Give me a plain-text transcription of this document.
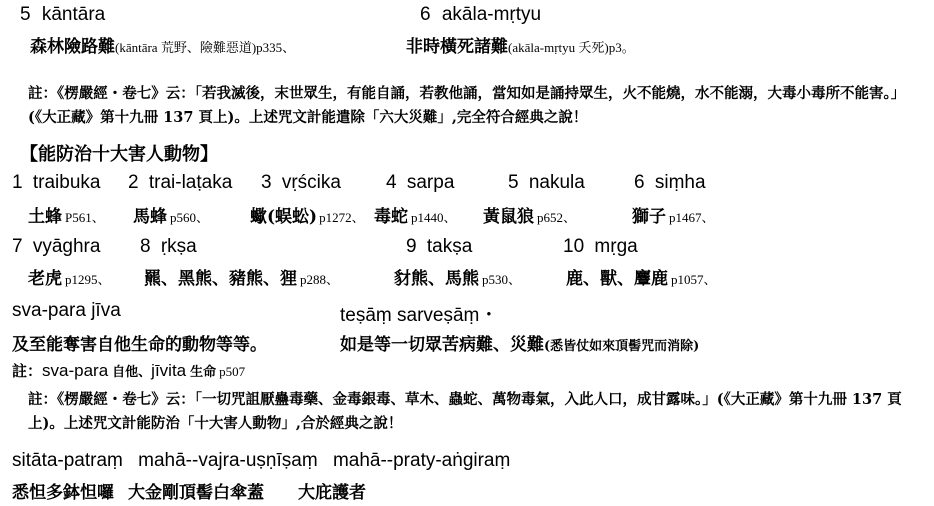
5 kāntāra	6 akāla-mṛtyu
森林險路難(kāntāra 荒野、險難惡道)p335、	非時橫死諸難(akāla-mṛtyu 夭死)p3。
註：《楞嚴經・卷七》云：「若我滅後，末世眾生，有能自誦，若教他誦，當知如是誦持眾生，火不能燒，水不能溺，大毒小毒所不能害。」(《大正藏》第十九冊 137 頁上)。上述咒文計能遣除「六大災難」,完全符合經典之說！
【能防治十大害人動物】
1 traibuka 2 trai-laṭaka 3 vṛścika 4 sarpa	5 nakula	6 siṃha
土蜂 P561、 馬蜂 p560、 蠍(蜈蚣) p1272、 毒蛇 p1440、 黃鼠狼 p652、	獅子 p1467、
7 vyāghra 8 ṛkṣa	9 takṣa	10 mṛga
老虎 p1295、 羆、黑熊、豬熊、狸 p288、	豺熊、馬熊 p530、	鹿、獸、麞鹿 p1057、
sva-para jīva	teṣāṃ sarveṣāṃ・
及至能奪害自他生命的動物等等。	如是等一切眾苦病難、災難(悉皆仗如來頂髻咒而消除)
註：sva-para 自他、jīvita 生命 p507
註：《楞嚴經・卷七》云：「一切咒詛厭蠱毒藥、金毒銀毒、草木、蟲蛇、萬物毒氣，入此人口，成甘露味。」(《大正藏》第十九冊 137 頁上)。上述咒文計能防治「十大害人動物」,合於經典之說！
sitāta-patraṃ mahā--vajra-uṣṇīṣaṃ mahā--praty-aṅgiraṃ
悉怛多鉢怛囉 大金剛頂髻白傘蓋 大庇護者
